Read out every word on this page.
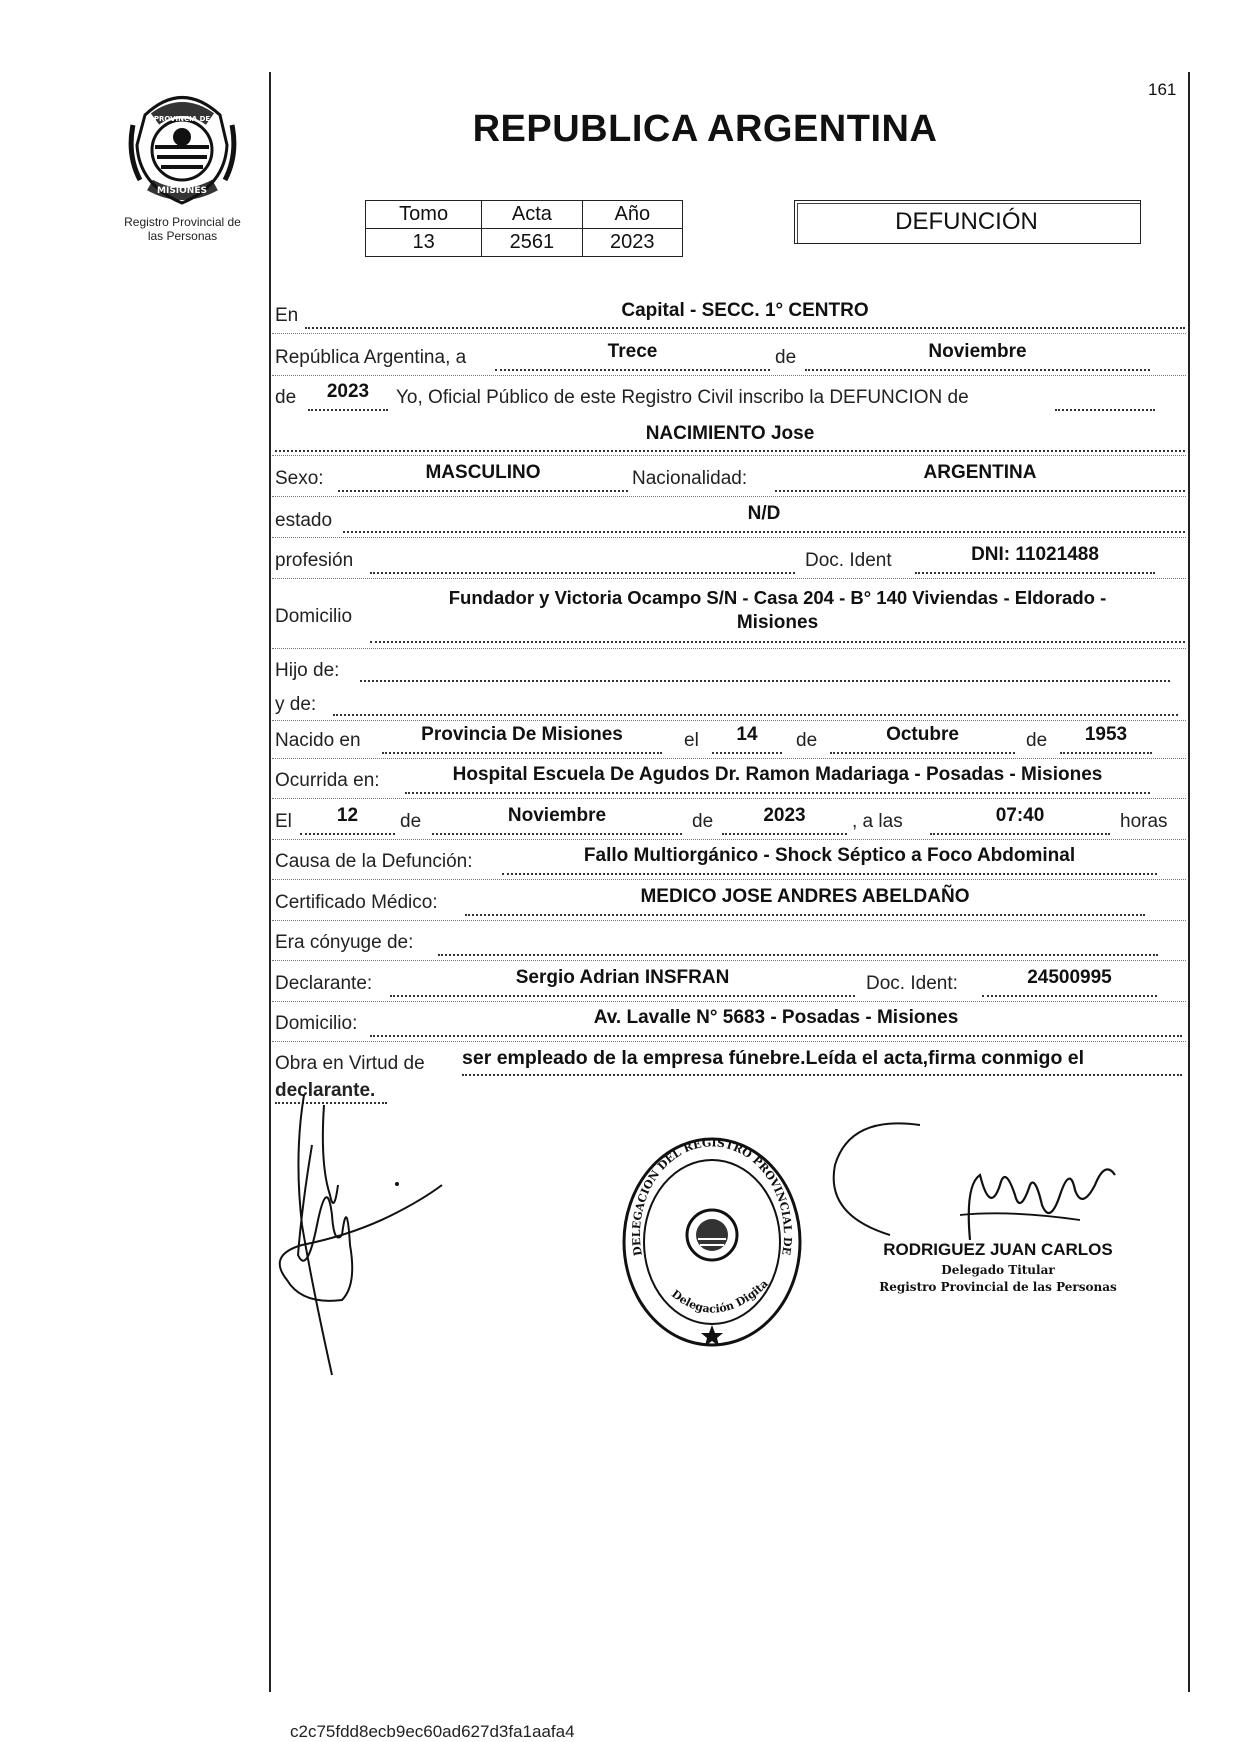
PROVINCIA DE
MISIONES
Registro Provincial de
las Personas
161
REPUBLICA ARGENTINA
Tomo	Acta	Año
13	2561	2023
DEFUNCIÓN
En	Capital - SECC. 1° CENTRO
República Argentina, a	Trece	de	Noviembre
de	2023	Yo, Oficial Público de este Registro Civil inscribo la DEFUNCION de
NACIMIENTO Jose
Sexo:	MASCULINO	Nacionalidad:	ARGENTINA
estado	N/D
profesión	Doc. Ident	DNI: 11021488
Domicilio
Fundador y Victoria Ocampo S/N - Casa 204 - B° 140 Viviendas - Eldorado -
Misiones
Hijo de:
y de:
Nacido en	Provincia De Misiones	el	14	de	Octubre	de	1953
Ocurrida en:	Hospital Escuela De Agudos Dr. Ramon Madariaga - Posadas - Misiones
El	12	de	Noviembre	de	2023	, a las	07:40	horas
Causa de la Defunción:	Fallo Multiorgánico - Shock Séptico a Foco Abdominal
Certificado Médico:	MEDICO JOSE ANDRES ABELDAÑO
Era cónyuge de:
Declarante:	Sergio Adrian INSFRAN	Doc. Ident:	24500995
Domicilio:	Av. Lavalle N° 5683 - Posadas - Misiones
Obra en Virtud de ser empleado de la empresa fúnebre.Leída el acta,firma conmigo el
declarante.
DELEGACION DEL REGISTRO PROVINCIAL DE
Delegación Digita
RODRIGUEZ JUAN CARLOS
Delegado Titular
Registro Provincial de las Personas
c2c75fdd8ecb9ec60ad627d3fa1aafa4
